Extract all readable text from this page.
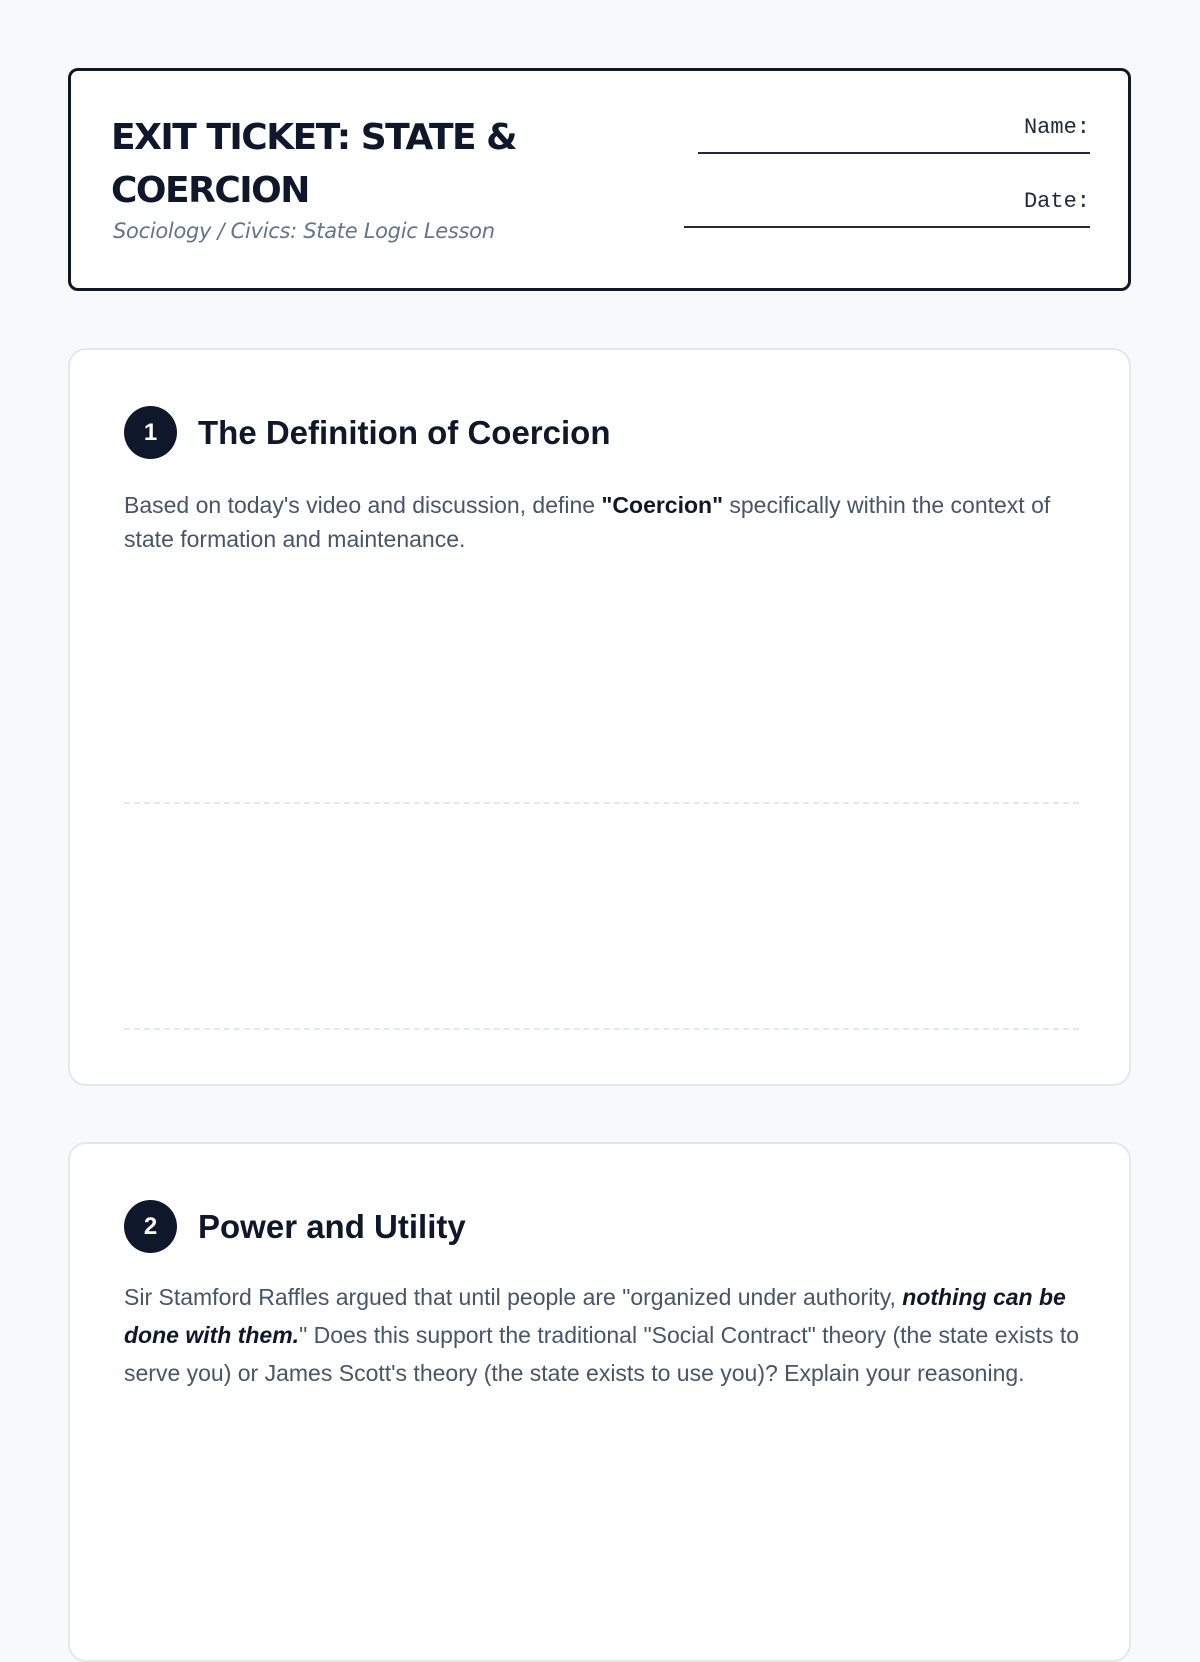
EXIT TICKET: STATE & COERCION

Sociology / Civics: State Logic Lesson

Name:
Date:
1	The Definition of Coercion

Based on today's video and discussion, define "Coercion" specifically within the context of state formation and maintenance.

2	Power and Utility

Sir Stamford Raffles argued that until people are "organized under authority, nothing can be done with them." Does this support the traditional "Social Contract" theory (the state exists to serve you) or James Scott's theory (the state exists to use you)? Explain your reasoning.
